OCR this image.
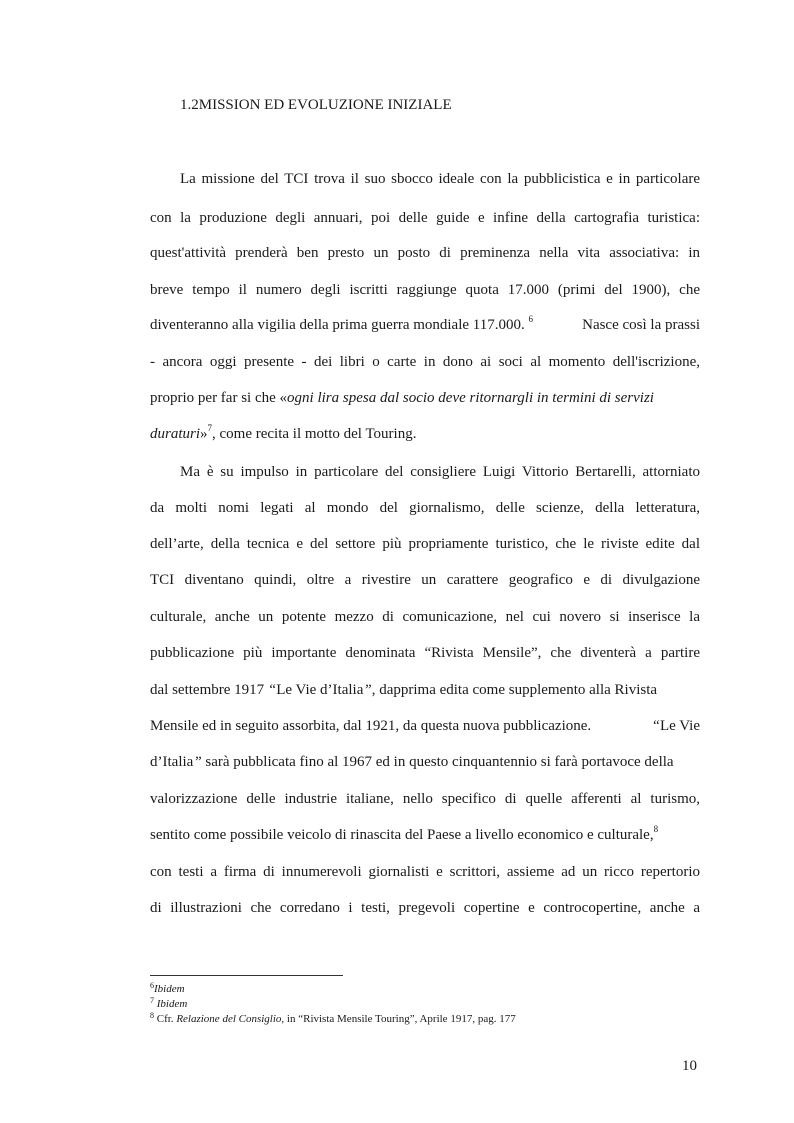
1.2MISSION ED EVOLUZIONE INIZIALE
La missione del TCI trova il suo sbocco ideale con la pubblicistica e in particolare
con la produzione degli annuari, poi delle guide e infine della cartografia turistica:
quest'attività prenderà ben presto un posto di preminenza nella vita associativa: in
breve tempo il numero degli iscritti raggiunge quota 17.000 (primi del 1900), che
diventeranno alla vigilia della prima guerra mondiale 117.000. $^6$	Nasce così la prassi
- ancora oggi presente - dei libri o carte in dono ai soci al momento dell'iscrizione,
proprio per far si che «ogni lira spesa dal socio deve ritornargli in termini di servizi
duraturi»$^7$, come recita il motto del Touring.
Ma è su impulso in particolare del consigliere Luigi Vittorio Bertarelli, attorniato
da molti nomi legati al mondo del giornalismo, delle scienze, della letteratura,
dell’arte, della tecnica e del settore più propriamente turistico, che le riviste edite dal
TCI diventano quindi, oltre a rivestire un carattere geografico e di divulgazione
culturale, anche un potente mezzo di comunicazione, nel cui novero si inserisce la
pubblicazione più importante denominata “Rivista Mensile”, che diventerà a partire
dal settembre 1917 “Le Vie d’Italia”, dapprima edita come supplemento alla Rivista
Mensile ed in seguito assorbita, dal 1921, da questa nuova pubblicazione.	“Le Vie
d’Italia” sarà pubblicata fino al 1967 ed in questo cinquantennio si farà portavoce della
valorizzazione delle industrie italiane, nello specifico di quelle afferenti al turismo,
sentito come possibile veicolo di rinascita del Paese a livello economico e culturale,$^8$
con testi a firma di innumerevoli giornalisti e scrittori, assieme ad un ricco repertorio
di illustrazioni che corredano i testi, pregevoli copertine e controcopertine, anche a
$^6$Ibidem
$^7$ Ibidem
$^8$ Cfr. Relazione del Consiglio, in “Rivista Mensile Touring”, Aprile 1917, pag. 177
10
